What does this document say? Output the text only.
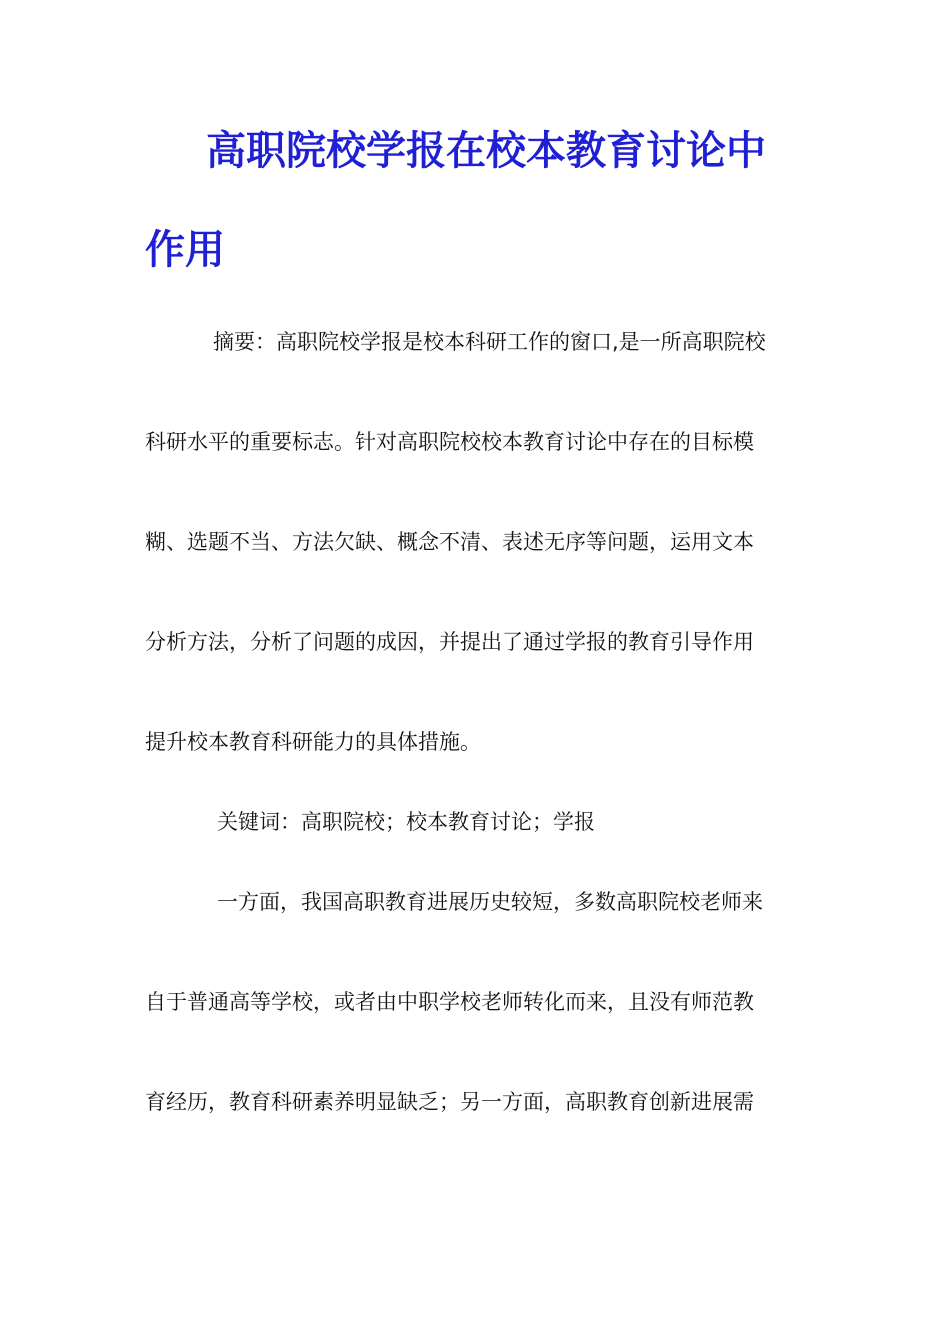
高职院校学报在校本教育讨论中
作用

摘要：高职院校学报是校本科研工作的窗口,是一所高职院校

科研水平的重要标志。针对高职院校校本教育讨论中存在的目标模

糊、选题不当、方法欠缺、概念不清、表述无序等问题，运用文本

分析方法，分析了问题的成因，并提出了通过学报的教育引导作用

提升校本教育科研能力的具体措施。

关键词：高职院校；校本教育讨论；学报

一方面，我国高职教育进展历史较短，多数高职院校老师来

自于普通高等学校，或者由中职学校老师转化而来，且没有师范教

育经历，教育科研素养明显缺乏；另一方面，高职教育创新进展需
